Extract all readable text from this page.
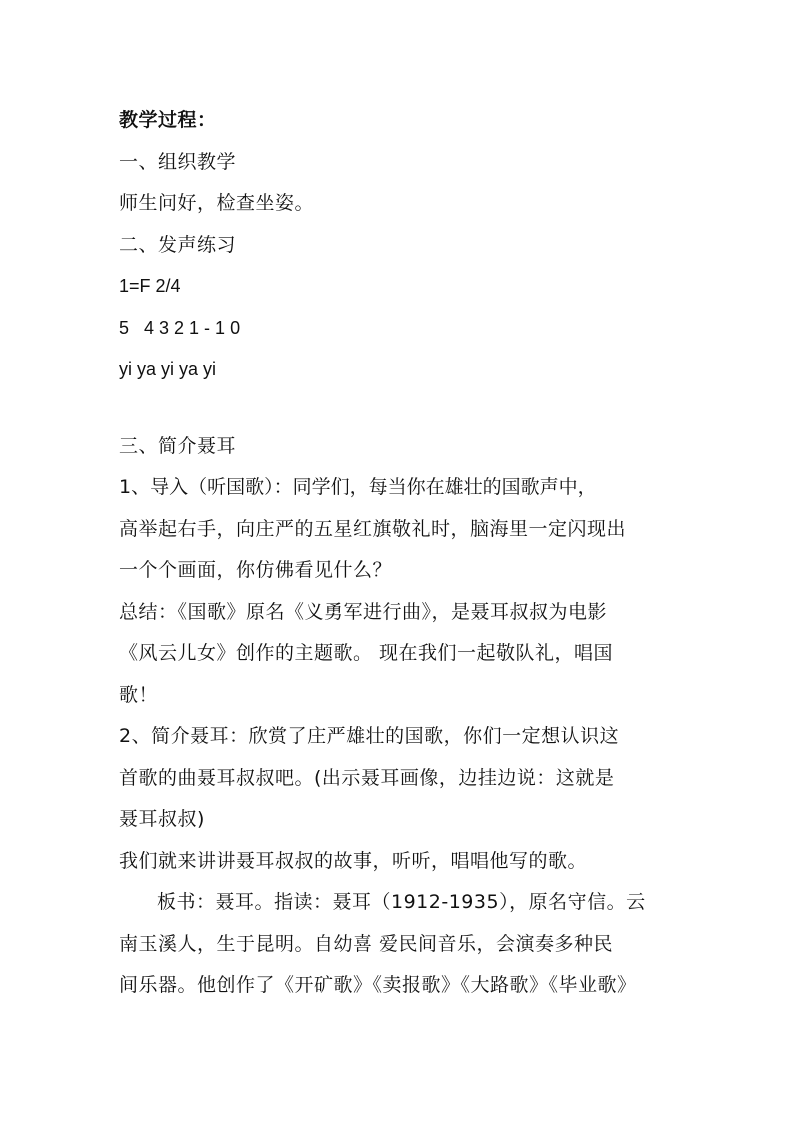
教学过程：
一、组织教学
师生问好，检查坐姿。
二、发声练习
1=F 2/4
5   4 3 2 1 - 1 0
yi ya yi ya yi
三、简介聂耳
1、导入（听国歌）：同学们，每当你在雄壮的国歌声中，
高举起右手，向庄严的五星红旗敬礼时，脑海里一定闪现出
一个个画面，你仿佛看见什么？
总结：《国歌》原名《义勇军进行曲》，是聂耳叔叔为电影
《风云儿女》创作的主题歌。 现在我们一起敬队礼，唱国
歌！
2、简介聂耳：欣赏了庄严雄壮的国歌，你们一定想认识这
首歌的曲聂耳叔叔吧。(出示聂耳画像，边挂边说：这就是
聂耳叔叔)
我们就来讲讲聂耳叔叔的故事，听听，唱唱他写的歌。
板书：聂耳。指读：聂耳（1912-1935），原名守信。云
南玉溪人，生于昆明。自幼喜 爱民间音乐，会演奏多种民
间乐器。他创作了《开矿歌》《卖报歌》《大路歌》《毕业歌》
